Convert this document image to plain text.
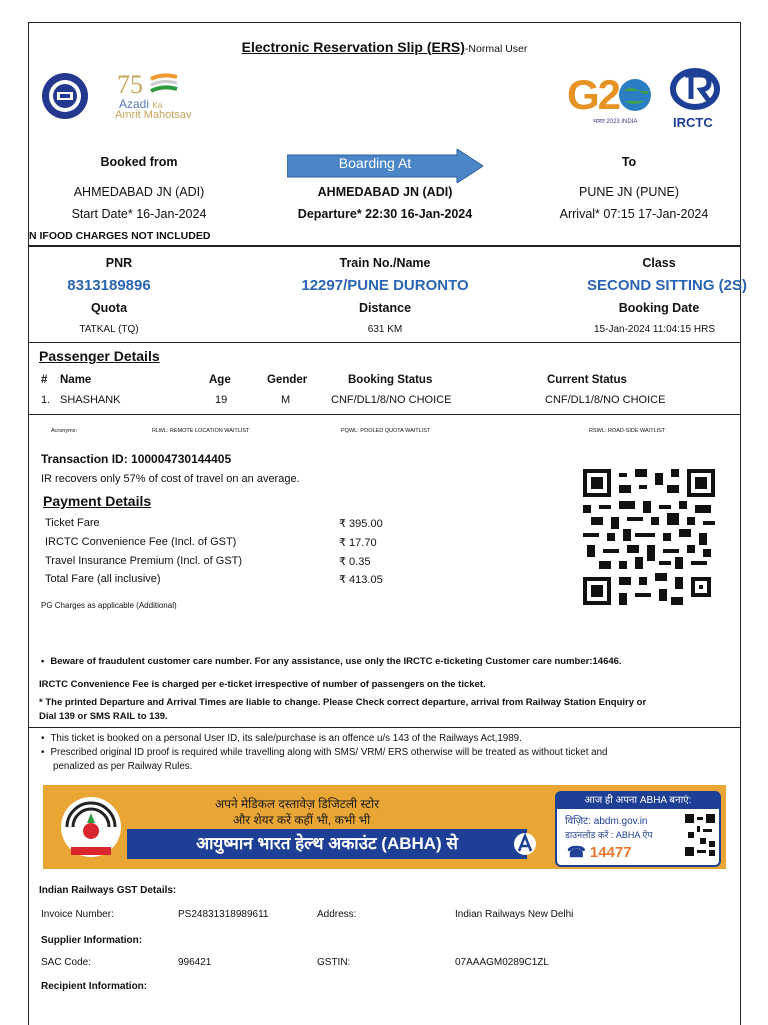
Electronic Reservation Slip (ERS)-Normal User
75
Azadi Ka
Amrit Mahotsav	G2
भारत 2023 INDIA	IRCTC
Booked from	Boarding At	To
AHMEDABAD JN (ADI)	AHMEDABAD JN (ADI)	PUNE JN (PUNE)
Start Date* 16-Jan-2024	Departure* 22:30 16-Jan-2024	Arrival* 07:15 17-Jan-2024
N IFOOD CHARGES NOT INCLUDED
PNR	Train No./Name	Class
8313189896	12297/PUNE DURONTO	SECOND SITTING (2S)
Quota	Distance	Booking Date
TATKAL (TQ)	631 KM	15-Jan-2024 11:04:15 HRS
Passenger Details
# Name	Age	Gender	Booking Status	Current Status
1. SHASHANK	19	M	CNF/DL1/8/NO CHOICE	CNF/DL1/8/NO CHOICE
Acronyms:	RLWL: REMOTE LOCATION WAITLIST	PQWL: POOLED QUOTA WAITLIST	RSWL: ROAD-SIDE WAITLIST
Transaction ID: 100004730144405
IR recovers only 57% of cost of travel on an average.
Payment Details
Ticket Fare	₹ 395.00
IRCTC Convenience Fee (Incl. of GST)	₹ 17.70
Travel Insurance Premium (Incl. of GST)	₹ 0.35
Total Fare (all inclusive)	₹ 413.05
PG Charges as applicable (Additional)
• Beware of fraudulent customer care number. For any assistance, use only the IRCTC e-ticketing Customer care number:14646.
IRCTC Convenience Fee is charged per e-ticket irrespective of number of passengers on the ticket.
* The printed Departure and Arrival Times are liable to change. Please Check correct departure, arrival from Railway Station Enquiry or
Dial 139 or SMS RAIL to 139.
• This ticket is booked on a personal User ID, its sale/purchase is an offence u/s 143 of the Railways Act,1989.
• Prescribed original ID proof is required while travelling along with SMS/ VRM/ ERS otherwise will be treated as without ticket and
penalized as per Railway Rules.
अपने मेडिकल दस्तावेज़ डिजिटली स्टोर
और शेयर करें कहीं भी, कभी भी
आयुष्मान भारत हेल्थ अकाउंट (ABHA) से
आज ही अपना ABHA बनाएं:
विज़िट: abdm.gov.in
डाउनलोड करें : ABHA ऐप
☎ 14477
Indian Railways GST Details:
Invoice Number:	PS24831318989611	Address:	Indian Railways New Delhi
Supplier Information:
SAC Code:	996421	GSTIN:	07AAAGM0289C1ZL
Recipient Information:
